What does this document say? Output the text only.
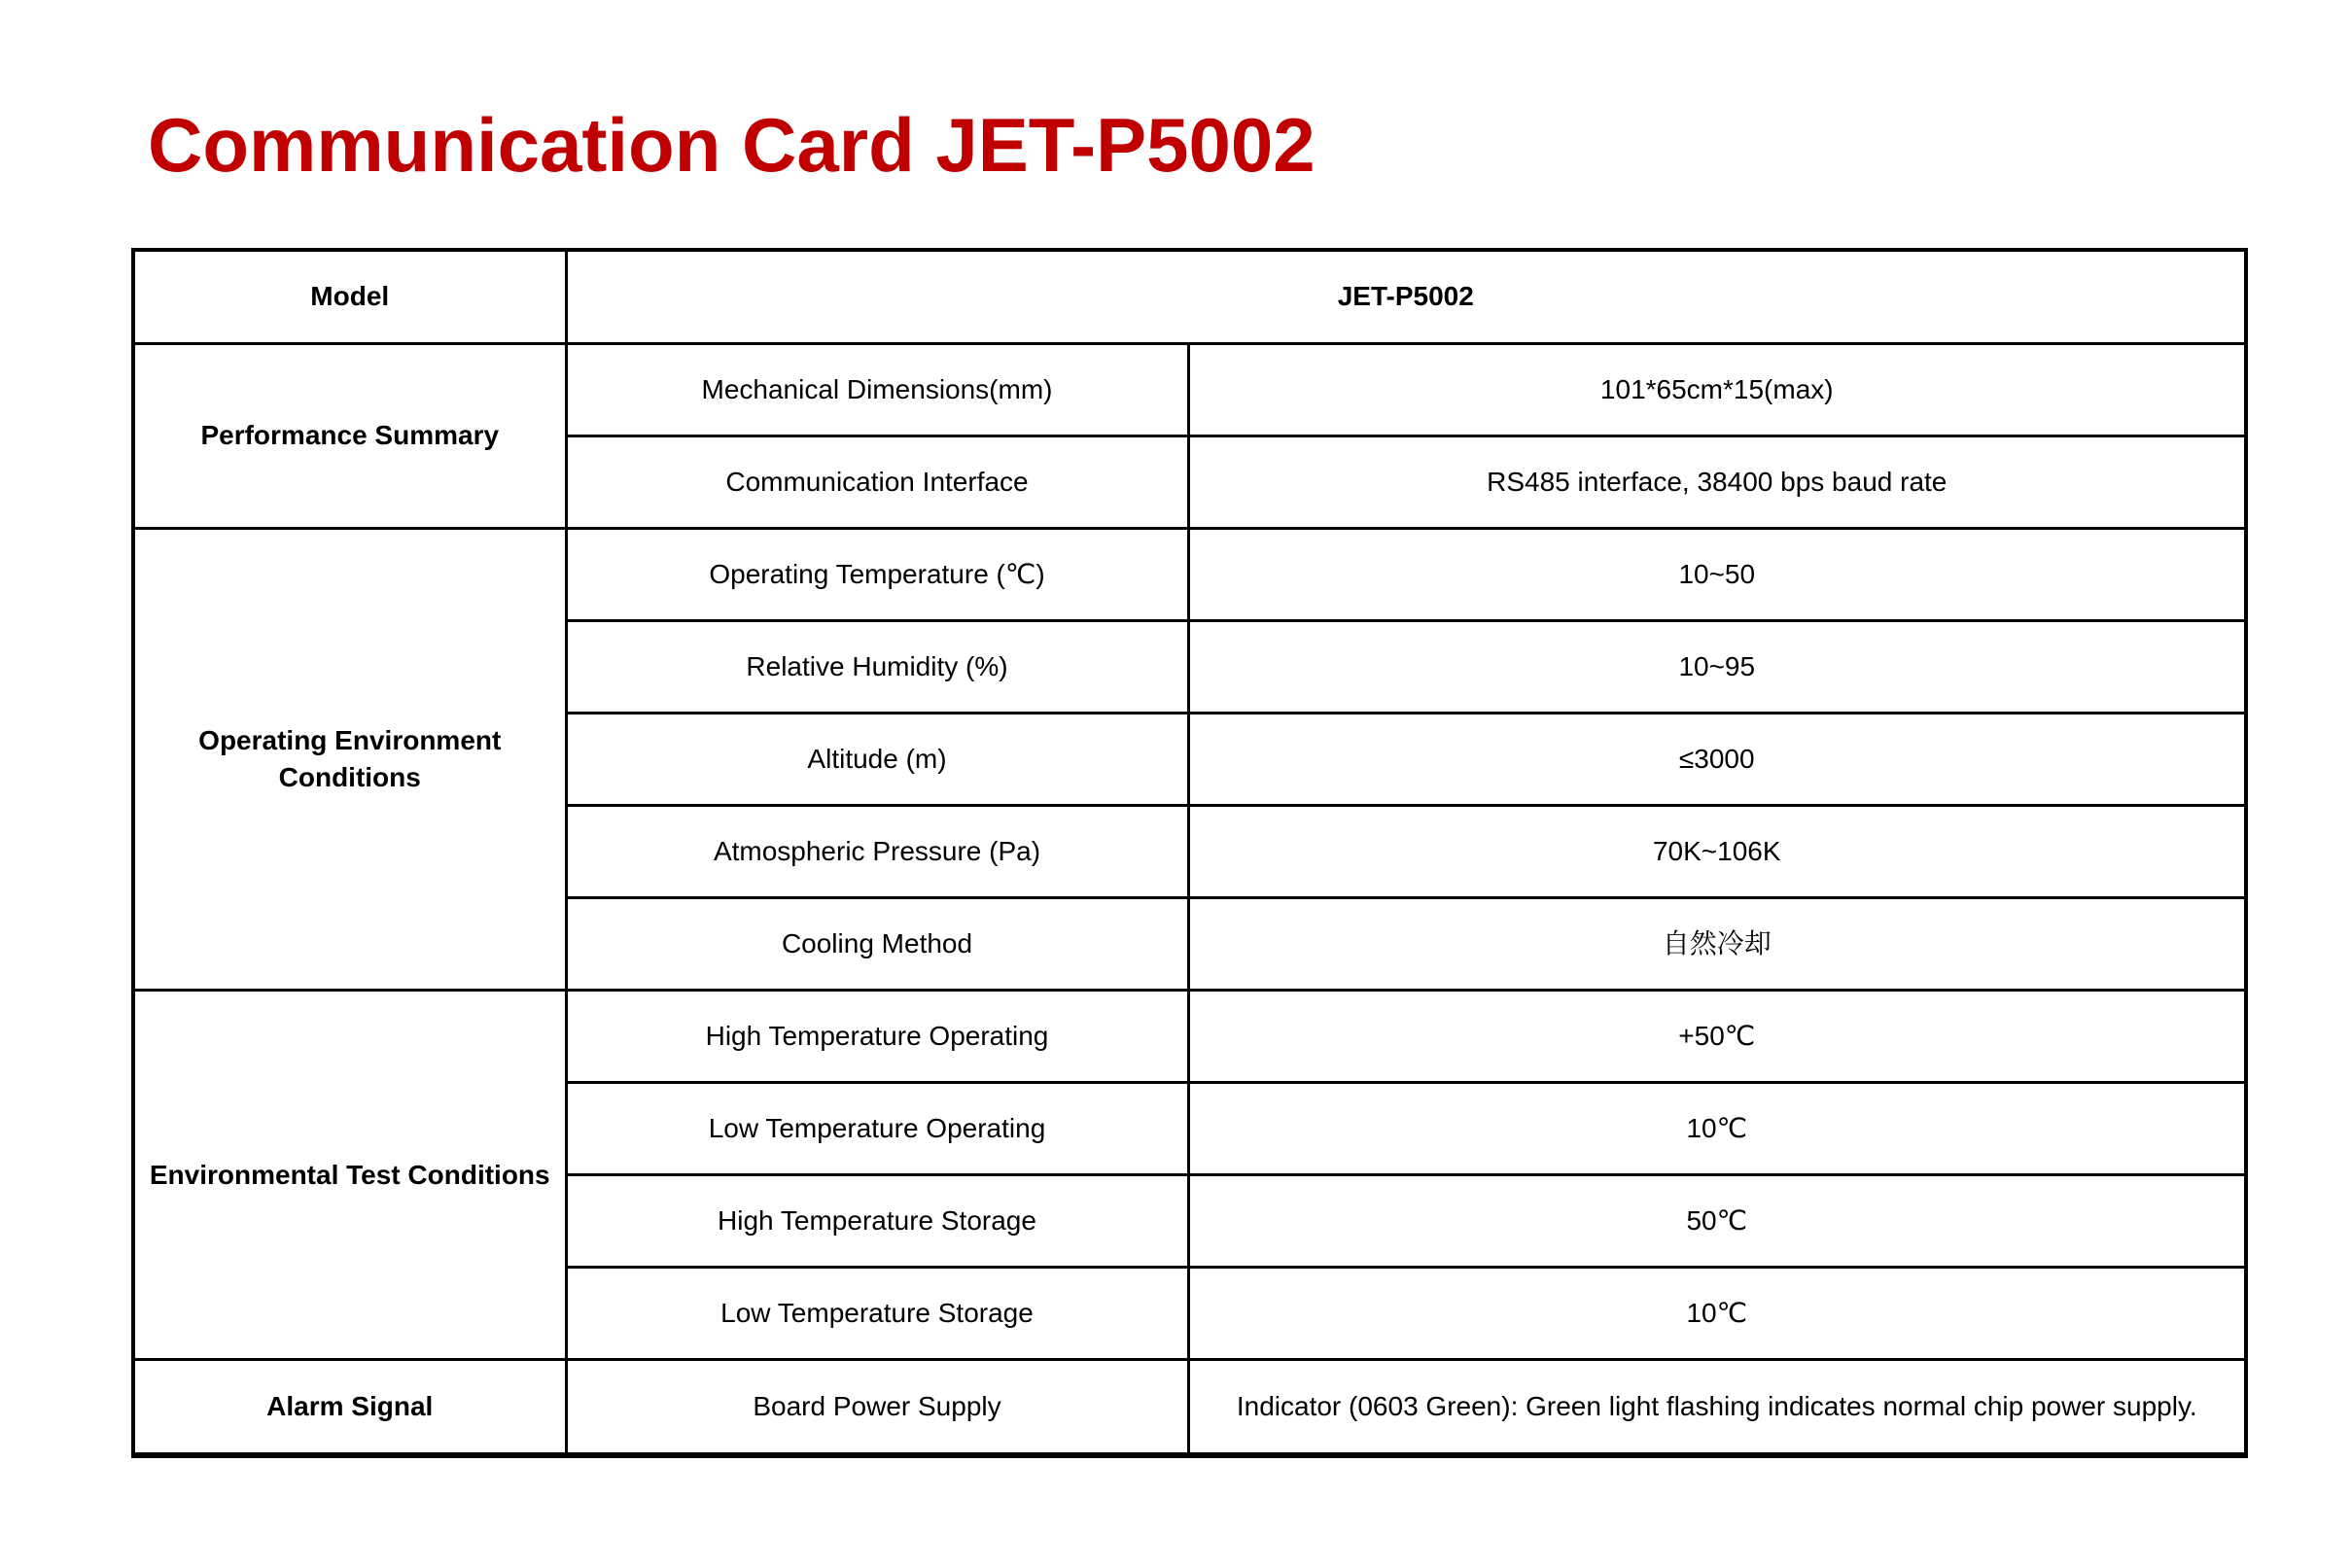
Communication Card JET-P5002
Model	JET-P5002	
Performance Summary	Mechanical Dimensions(mm)	101*65cm*15(max)
	Communication Interface	RS485 interface, 38400 bps baud rate
Operating Environment Conditions	Operating Temperature (℃)	10~50
	Relative Humidity (%)	10~95
	Altitude (m)	≤3000
	Atmospheric Pressure (Pa)	70K~106K
	Cooling Method	自然冷却
Environmental Test Conditions	High Temperature Operating	+50℃
	Low Temperature Operating	10℃
	High Temperature Storage	50℃
	Low Temperature Storage	10℃
Alarm Signal	Board Power Supply	Indicator (0603 Green): Green light flashing indicates normal chip power supply.
